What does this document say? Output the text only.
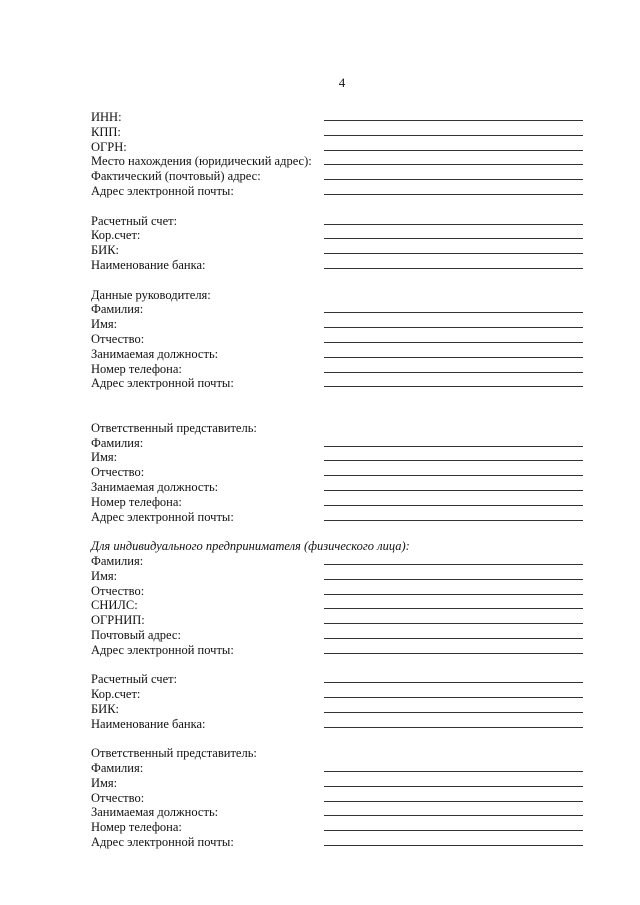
4
ИНН:
КПП:
ОГРН:
Место нахождения (юридический адрес):
Фактический (почтовый) адрес:
Адрес электронной почты:
Расчетный счет:
Кор.счет:
БИК:
Наименование банка:
Данные руководителя:
Фамилия:
Имя:
Отчество:
Занимаемая должность:
Номер телефона:
Адрес электронной почты:
Ответственный представитель:
Фамилия:
Имя:
Отчество:
Занимаемая должность:
Номер телефона:
Адрес электронной почты:
Для индивидуального предпринимателя (физического лица):
Фамилия:
Имя:
Отчество:
СНИЛС:
ОГРНИП:
Почтовый адрес:
Адрес электронной почты:
Расчетный счет:
Кор.счет:
БИК:
Наименование банка:
Ответственный представитель:
Фамилия:
Имя:
Отчество:
Занимаемая должность:
Номер телефона:
Адрес электронной почты:
